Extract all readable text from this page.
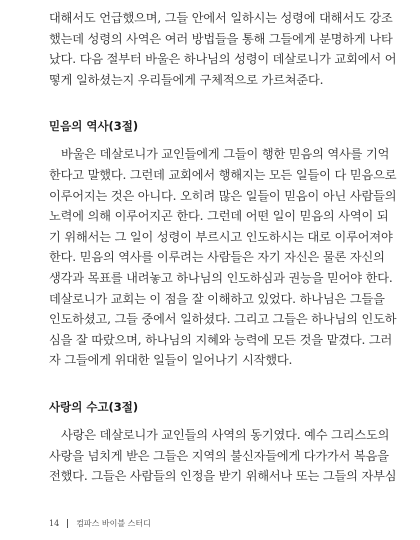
대해서도 언급했으며, 그들 안에서 일하시는 성령에 대해서도 강조
했는데 성령의 사역은 여러 방법들을 통해 그들에게 분명하게 나타
났다. 다음 절부터 바울은 하나님의 성령이 데살로니가 교회에서 어
떻게 일하셨는지 우리들에게 구체적으로 가르쳐준다.

믿음의 역사(3절)

바울은 데살로니가 교인들에게 그들이 행한 믿음의 역사를 기억
한다고 말했다. 그런데 교회에서 행해지는 모든 일들이 다 믿음으로
이루어지는 것은 아니다. 오히려 많은 일들이 믿음이 아닌 사람들의
노력에 의해 이루어지곤 한다. 그런데 어떤 일이 믿음의 사역이 되
기 위해서는 그 일이 성령이 부르시고 인도하시는 대로 이루어져야
한다. 믿음의 역사를 이루려는 사람들은 자기 자신은 물론 자신의
생각과 목표를 내려놓고 하나님의 인도하심과 권능을 믿어야 한다.
데살로니가 교회는 이 점을 잘 이해하고 있었다. 하나님은 그들을
인도하셨고, 그들 중에서 일하셨다. 그리고 그들은 하나님의 인도하
심을 잘 따랐으며, 하나님의 지혜와 능력에 모든 것을 맡겼다. 그러
자 그들에게 위대한 일들이 일어나기 시작했다.

사랑의 수고(3절)

사랑은 데살로니가 교인들의 사역의 동기였다. 예수 그리스도의
사랑을 넘치게 받은 그들은 지역의 불신자들에게 다가가서 복음을
전했다. 그들은 사람들의 인정을 받기 위해서나 또는 그들의 자부심

14 컴파스 바이블 스터디
